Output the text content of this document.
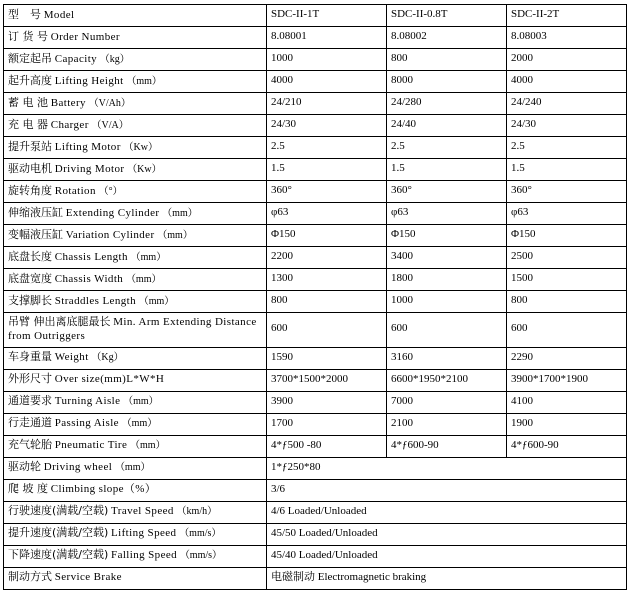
型　号 Model	SDC-II-1T	SDC-II-0.8T	SDC-II-2T
订 货 号 Order Number	8.08001	8.08002	8.08003
额定起吊 Capacity （kg）	1000	800	2000
起升高度 Lifting Height （mm）	4000	8000	4000
蓄 电 池 Battery （V/Ah）	24/210	24/280	24/240
充 电 器 Charger （V/A）	24/30	24/40	24/30
提升泵站 Lifting Motor （Kw）	2.5	2.5	2.5
驱动电机 Driving Motor （Kw）	1.5	1.5	1.5
旋转角度 Rotation （°）	360°	360°	360°
伸缩液压缸 Extending Cylinder （mm）	φ63	φ63	φ63
变幅液压缸 Variation Cylinder （mm）	Φ150	Φ150	Φ150
底盘长度 Chassis Length （mm）	2200	3400	2500
底盘宽度 Chassis Width （mm）	1300	1800	1500
支撑脚长 Straddles Length （mm）	800	1000	800
吊臂 伸出离底腿最长 Min. Arm Extending Distance from Outriggers	600	600	600
车身重量 Weight （Kg）	1590	3160	2290
外形尺寸 Over size(mm)L*W*H	3700*1500*2000	6600*1950*2100	3900*1700*1900
通道要求 Turning Aisle （mm）	3900	7000	4100
行走通道 Passing Aisle （mm）	1700	2100	1900
充气轮胎 Pneumatic Tire （mm）	4*ƒ500 -80	4*ƒ600-90	4*ƒ600-90
驱动轮 Driving wheel （mm）	1*ƒ250*80		
爬 坡 度 Climbing slope（%）	3/6		
行驶速度(满载/空载) Travel Speed （km/h）	4/6 Loaded/Unloaded		
提升速度(满载/空载) Lifting Speed （mm/s）	45/50 Loaded/Unloaded		
下降速度(满载/空载) Falling Speed （mm/s）	45/40 Loaded/Unloaded		
制动方式 Service Brake	电磁制动 Electromagnetic braking		
